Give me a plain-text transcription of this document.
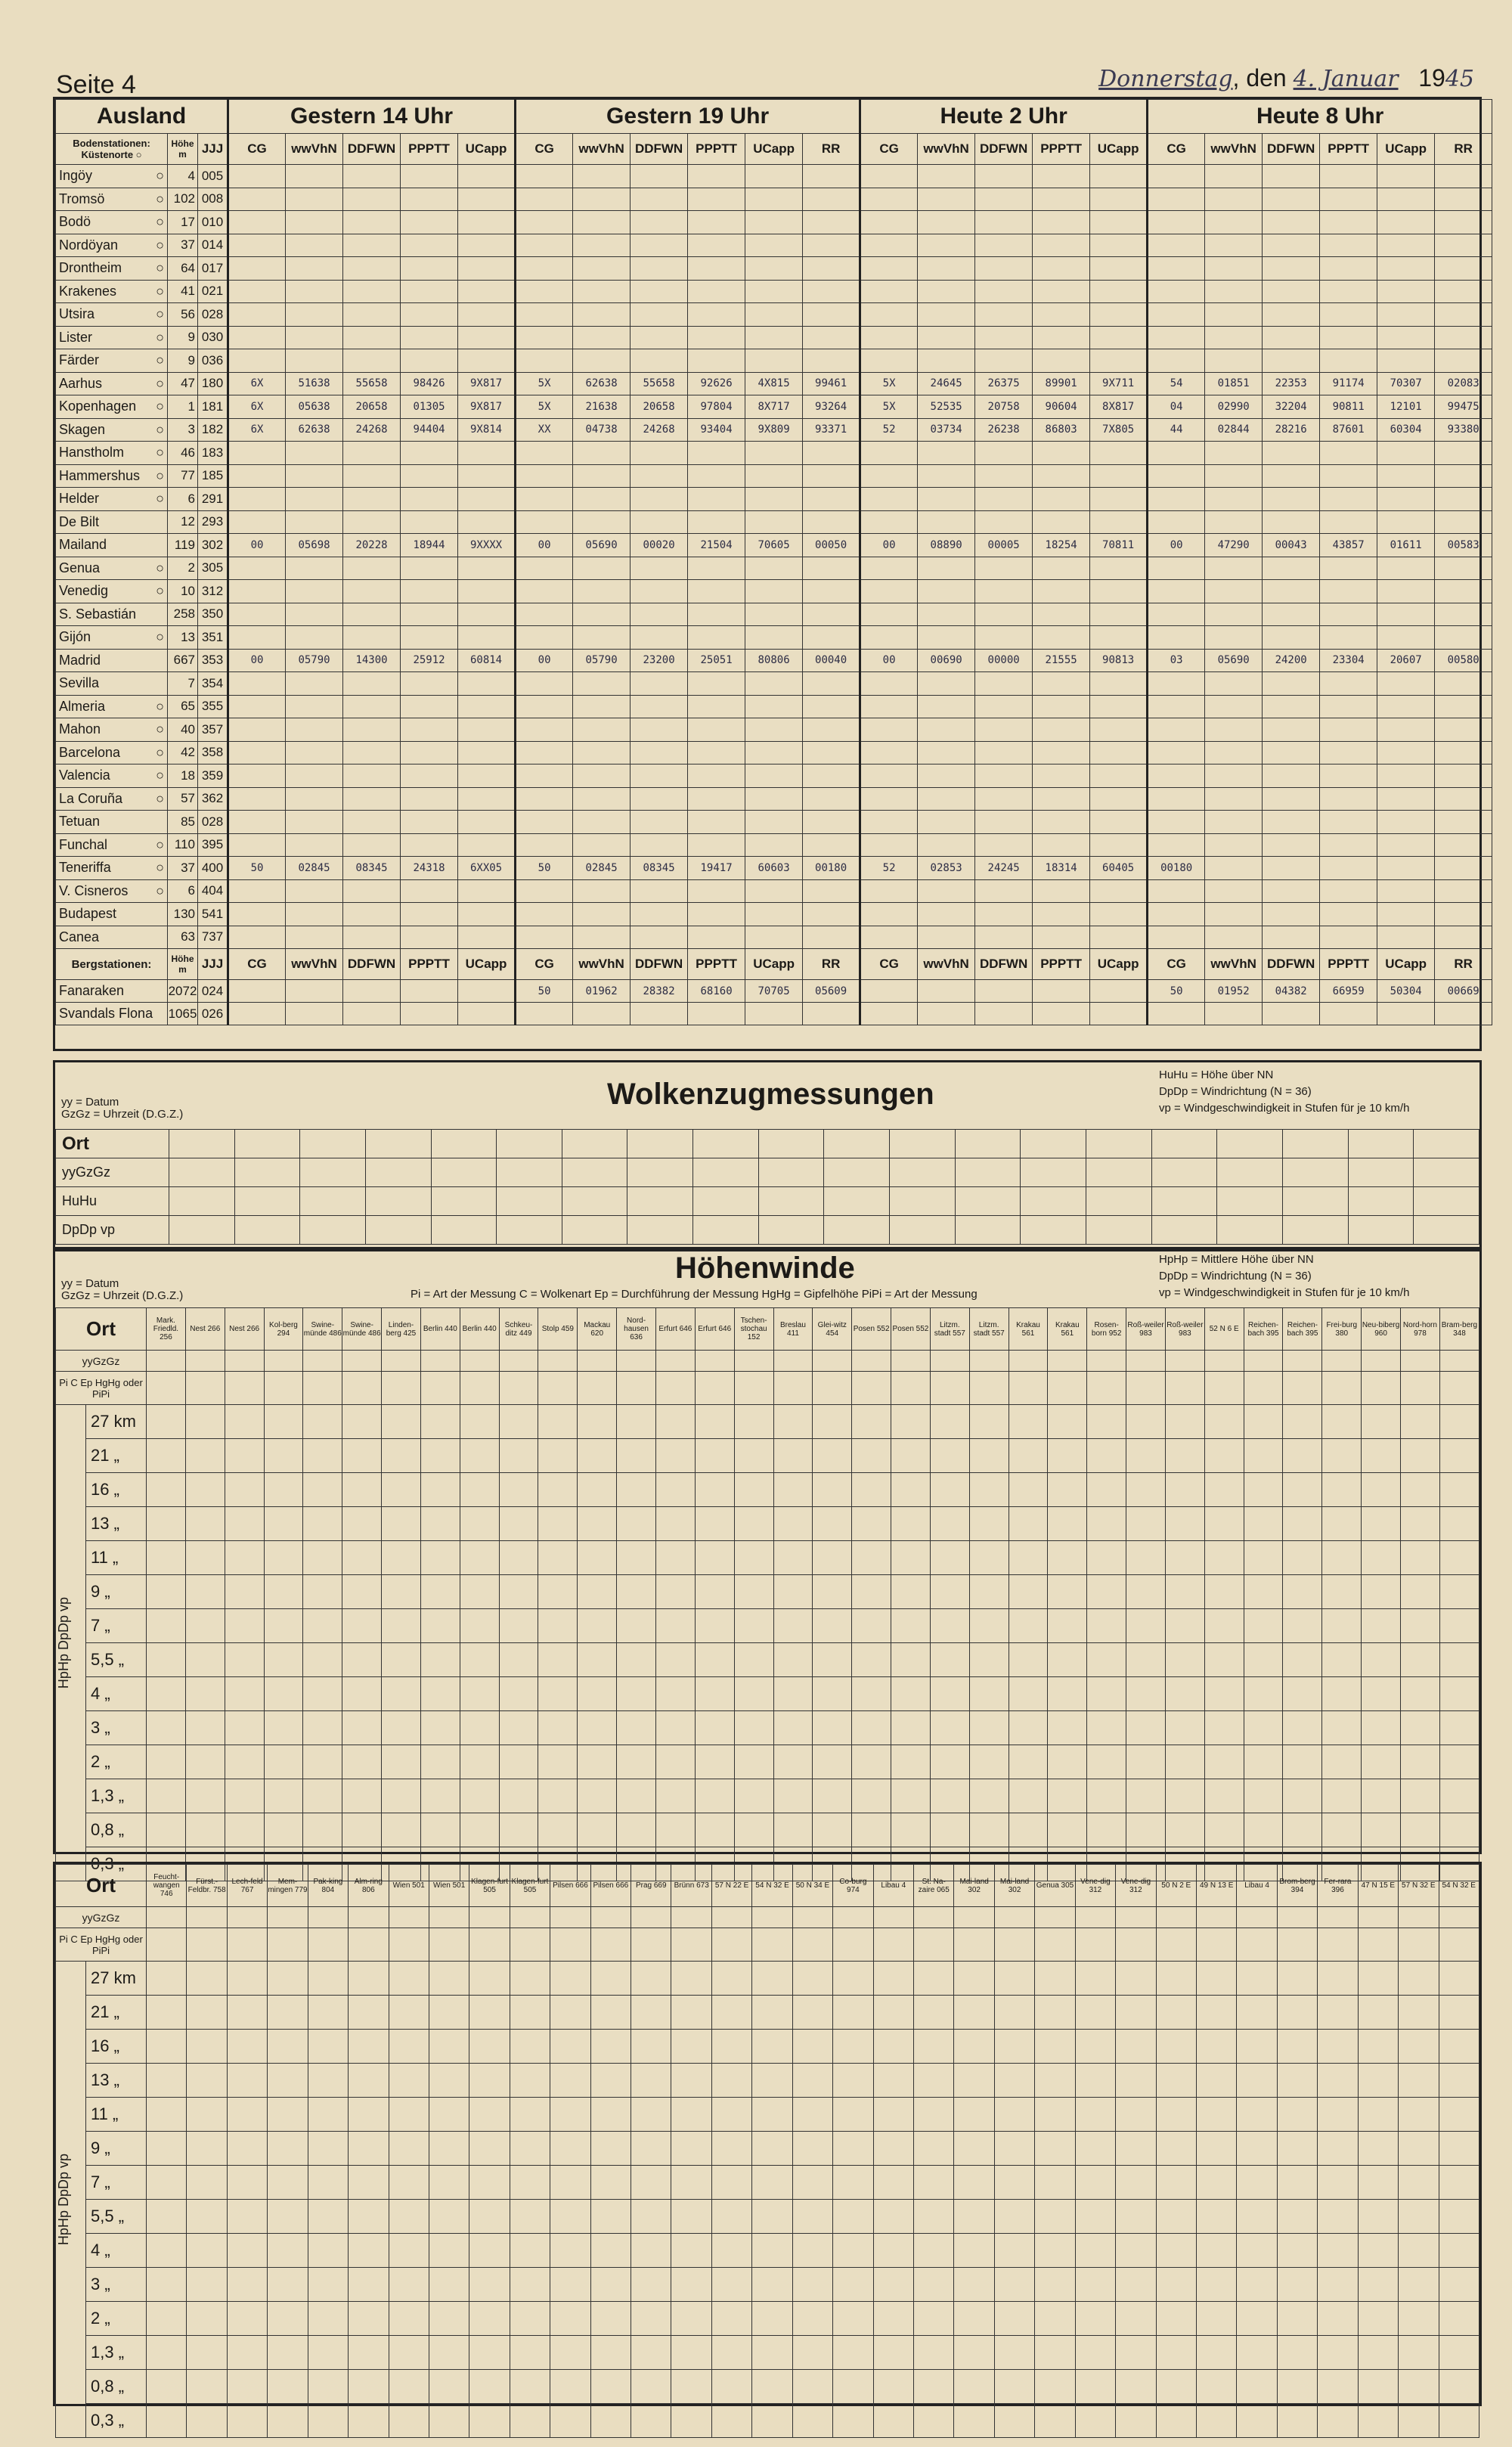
Seite 4	Donnerstag, den 4. Januar 1945
Ausland			Gestern 14 Uhr					Gestern 19 Uhr						Heute 2 Uhr					Heute 8 Uhr					
Bodenstationen: Küstenorte ○	Höhe m	JJJ	CG	wwVhN	DDFWN	PPPTT	UCapp	CG	wwVhN	DDFWN	PPPTT	UCapp	RR	CG	wwVhN	DDFWN	PPPTT	UCapp	CG	wwVhN	DDFWN	PPPTT	UCapp	RR
Ingöy ○	4	005																						
Tromsö ○	102	008																						
Bodö ○	17	010																						
Nordöyan ○	37	014																						
Drontheim ○	64	017																						
Krakenes ○	41	021																						
Utsira ○	56	028																						
Lister ○	9	030																						
Färder ○	9	036																						
Aarhus ○	47	180	6X	51638	55658	98426	9X817	5X	62638	55658	92626	4X815	99461	5X	24645	26375	89901	9X711	54	01851	22353	91174	70307	02083
Kopenhagen ○	1	181	6X	05638	20658	01305	9X817	5X	21638	20658	97804	8X717	93264	5X	52535	20758	90604	8X817	04	02990	32204	90811	12101	99475
Skagen ○	3	182	6X	62638	24268	94404	9X814	XX	04738	24268	93404	9X809	93371	52	03734	26238	86803	7X805	44	02844	28216	87601	60304	93380
Hanstholm ○	46	183																						
Hammershus ○	77	185																						
Helder ○	6	291																						
De Bilt	12	293																						
Mailand	119	302	00	05698	20228	18944	9XXXX	00	05690	00020	21504	70605	00050	00	08890	00005	18254	70811	00	47290	00043	43857	01611	00583
Genua ○	2	305																						
Venedig ○	10	312																						
S. Sebastián	258	350																						
Gijón ○	13	351																						
Madrid	667	353	00	05790	14300	25912	60814	00	05790	23200	25051	80806	00040	00	00690	00000	21555	90813	03	05690	24200	23304	20607	00580
Sevilla	7	354																						
Almeria ○	65	355																						
Mahon ○	40	357																						
Barcelona ○	42	358																						
Valencia ○	18	359																						
La Coruña ○	57	362																						
Tetuan	85	028																						
Funchal ○	110	395																						
Teneriffa ○	37	400	50	02845	08345	24318	6XX05	50	02845	08345	19417	60603	00180	52	02853	24245	18314	60405	00180					
V. Cisneros ○	6	404																						
Budapest	130	541																						
Canea	63	737																						
Bergstationen:	Höhe m	JJJ	CG	wwVhN	DDFWN	PPPTT	UCapp	CG	wwVhN	DDFWN	PPPTT	UCapp	RR	CG	wwVhN	DDFWN	PPPTT	UCapp	CG	wwVhN	DDFWN	PPPTT	UCapp	RR
Fanaraken	2072	024						50	01962	28382	68160	70705	05609						50	01952	04382	66959	50304	00669
Svandals Flona	1065	026																						
yy = Datum
GzGz = Uhrzeit (D.G.Z.)
Wolkenzugmessungen
HuHu = Höhe über NN
DpDp = Windrichtung (N = 36)
vp = Windgeschwindigkeit in Stufen für je 10 km/h
Ort																				
yyGzGz																				
HuHu																				
DpDp vp																				
yy = Datum
GzGz = Uhrzeit (D.G.Z.)
Höhenwinde
Pi = Art der Messung C = Wolkenart Ep = Durchführung der Messung HgHg = Gipfelhöhe PiPi = Art der Messung
HpHp = Mittlere Höhe über NN
DpDp = Windrichtung (N = 36)
vp = Windgeschwindigkeit in Stufen für je 10 km/h
Ort		Mark. Friedld. 256	Nest 266	Nest 266	Kol-berg 294	Swine-münde 486	Swine-münde 486	Linden-berg 425	Berlin 440	Berlin 440	Schkeu-ditz 449	Stolp 459	Mackau 620	Nord-hausen 636	Erfurt 646	Erfurt 646	Tschen-stochau 152	Breslau 411	Glei-witz 454	Posen 552	Posen 552	Litzm. stadt 557	Litzm. stadt 557	Krakau 561	Krakau 561	Rosen-born 952	Roß-weiler 983	Roß-weiler 983	52 N 6 E	Reichen-bach 395	Reichen-bach 395	Frei-burg 380	Neu-biberg 960	Nord-horn 978	Bram-berg 348
yyGzGz																																			
Pi C Ep HgHg oder PiPi																																			

HpHp DpDp vp	27 km																																		
	21 „																																		
	16 „																																		
	13 „																																		
	11 „																																		
	9 „																																		
	7 „																																		
	5,5 „																																		
	4 „																																		
	3 „																																		
	2 „																																		
	1,3 „																																		
	0,8 „																																		
	0,3 „																																		
Ort		Feucht-wangen 746	Fürst.-Feldbr. 758	Lech-feld 767	Mem-mingen 779	Pak-king 804	Alm-ring 806	Wien 501	Wien 501	Klagen-furt 505	Klagen-furt 505	Pilsen 666	Pilsen 666	Prag 669	Brünn 673	57 N 22 E	54 N 32 E	50 N 34 E	Co-burg 974	Libau 4	St. Na-zaire 065	Mai-land 302	Mai-land 302	Genua 305	Vene-dig 312	Vene-dig 312	50 N 2 E	49 N 13 E	Libau 4	Brom-berg 394	Fer-rara 396	47 N 15 E	57 N 32 E	54 N 32 E
yyGzGz																																		
Pi C Ep HgHg oder PiPi																																		

HpHp DpDp vp	27 km																																	
	21 „																																	
	16 „																																	
	13 „																																	
	11 „																																	
	9 „																																	
	7 „																																	
	5,5 „																																	
	4 „																																	
	3 „																																	
	2 „																																	
	1,3 „																																	
	0,8 „																																	
	0,3 „																																	
